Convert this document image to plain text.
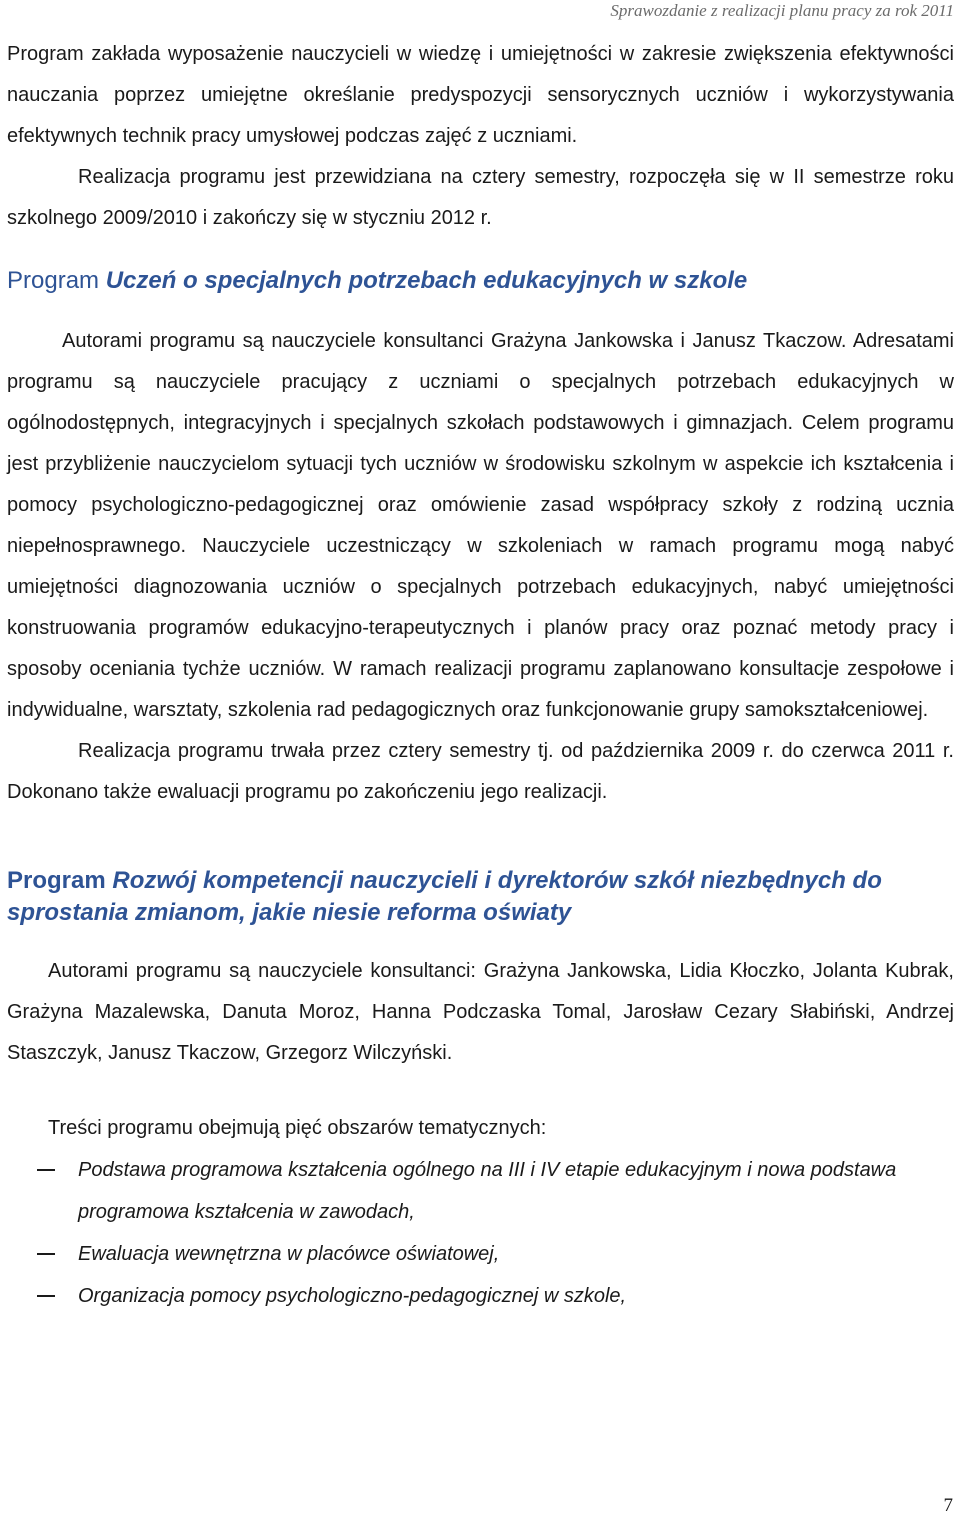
Sprawozdanie z realizacji planu pracy za rok 2011

Program zakłada wyposażenie nauczycieli w wiedzę i umiejętności w zakresie zwiększenia efektywności nauczania poprzez umiejętne określanie predyspozycji sensorycznych uczniów i wykorzystywania efektywnych technik pracy umysłowej podczas zajęć z uczniami.

Realizacja programu jest przewidziana na cztery semestry, rozpoczęła się w II semestrze roku szkolnego 2009/2010 i zakończy się w styczniu 2012 r.

Program Uczeń o specjalnych potrzebach edukacyjnych w szkole

Autorami programu są nauczyciele konsultanci Grażyna Jankowska i Janusz Tkaczow. Adresatami programu są nauczyciele pracujący z uczniami o specjalnych potrzebach edukacyjnych w ogólnodostępnych, integracyjnych i specjalnych szkołach podstawowych i gimnazjach. Celem programu jest przybliżenie nauczycielom sytuacji tych uczniów w środowisku szkolnym w aspekcie ich kształcenia i pomocy psychologiczno-pedagogicznej oraz omówienie zasad współpracy szkoły z rodziną ucznia niepełnosprawnego. Nauczyciele uczestniczący w szkoleniach w ramach programu mogą nabyć umiejętności diagnozowania uczniów o specjalnych potrzebach edukacyjnych, nabyć umiejętności konstruowania programów edukacyjno-terapeutycznych i planów pracy oraz poznać metody pracy i sposoby oceniania tychże uczniów. W ramach realizacji programu zaplanowano konsultacje zespołowe i indywidualne, warsztaty, szkolenia rad pedagogicznych oraz funkcjonowanie grupy samokształceniowej.

Realizacja programu trwała przez cztery semestry tj. od października 2009 r. do czerwca 2011 r. Dokonano także ewaluacji programu po zakończeniu jego realizacji.

Program Rozwój kompetencji nauczycieli i dyrektorów szkół niezbędnych do sprostania zmianom, jakie niesie reforma oświaty

Autorami programu są nauczyciele konsultanci: Grażyna Jankowska, Lidia Kłoczko, Jolanta Kubrak, Grażyna Mazalewska, Danuta Moroz, Hanna Podczaska Tomal, Jarosław Cezary Słabiński, Andrzej Staszczyk, Janusz Tkaczow, Grzegorz Wilczyński.

Treści programu obejmują pięć obszarów tematycznych:

Podstawa programowa kształcenia ogólnego na III i IV etapie edukacyjnym i nowa podstawa programowa kształcenia w zawodach,
Ewaluacja wewnętrzna w placówce oświatowej,
Organizacja pomocy psychologiczno-pedagogicznej w szkole,
7
